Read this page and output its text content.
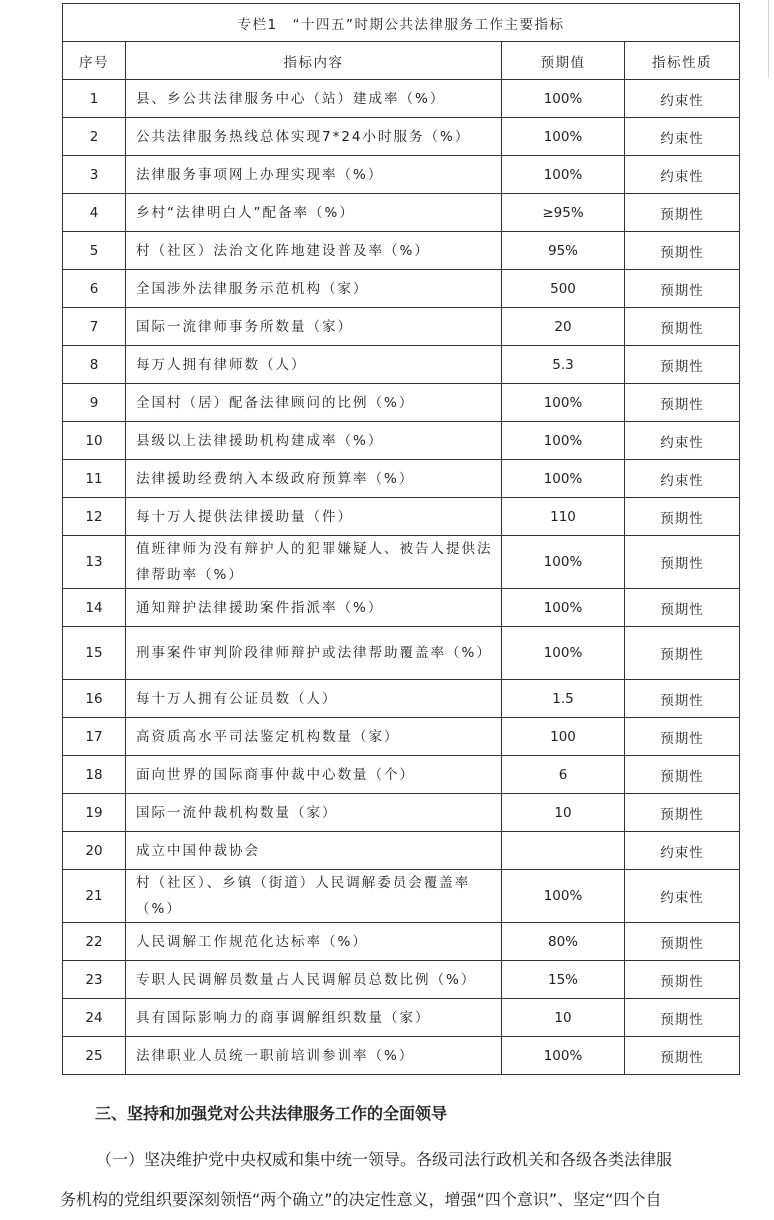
专栏1　“十四五”时期公共法律服务工作主要指标			
序号	指标内容	预期值	指标性质
1	县、乡公共法律服务中心（站）建成率（%）	100%	约束性
2	公共法律服务热线总体实现7*24小时服务（%）	100%	约束性
3	法律服务事项网上办理实现率（%）	100%	约束性
4	乡村“法律明白人”配备率（%）	≥95%	预期性
5	村（社区）法治文化阵地建设普及率（%）	95%	预期性
6	全国涉外法律服务示范机构（家）	500	预期性
7	国际一流律师事务所数量（家）	20	预期性
8	每万人拥有律师数（人）	5.3	预期性
9	全国村（居）配备法律顾问的比例（%）	100%	预期性
10	县级以上法律援助机构建成率（%）	100%	约束性
11	法律援助经费纳入本级政府预算率（%）	100%	约束性
12	每十万人提供法律援助量（件）	110	预期性
13	值班律师为没有辩护人的犯罪嫌疑人、被告人提供法律帮助率（%）	100%	预期性
14	通知辩护法律援助案件指派率（%）	100%	预期性
15	刑事案件审判阶段律师辩护或法律帮助覆盖率（%）	100%	预期性
16	每十万人拥有公证员数（人）	1.5	预期性
17	高资质高水平司法鉴定机构数量（家）	100	预期性
18	面向世界的国际商事仲裁中心数量（个）	6	预期性
19	国际一流仲裁机构数量（家）	10	预期性
20	成立中国仲裁协会		约束性
21	村（社区）、乡镇（街道）人民调解委员会覆盖率（%）	100%	约束性
22	人民调解工作规范化达标率（%）	80%	预期性
23	专职人民调解员数量占人民调解员总数比例（%）	15%	预期性
24	具有国际影响力的商事调解组织数量（家）	10	预期性
25	法律职业人员统一职前培训参训率（%）	100%	预期性
三、坚持和加强党对公共法律服务工作的全面领导
（一）坚决维护党中央权威和集中统一领导。各级司法行政机关和各级各类法律服
务机构的党组织要深刻领悟“两个确立”的决定性意义，增强“四个意识”、坚定“四个自
